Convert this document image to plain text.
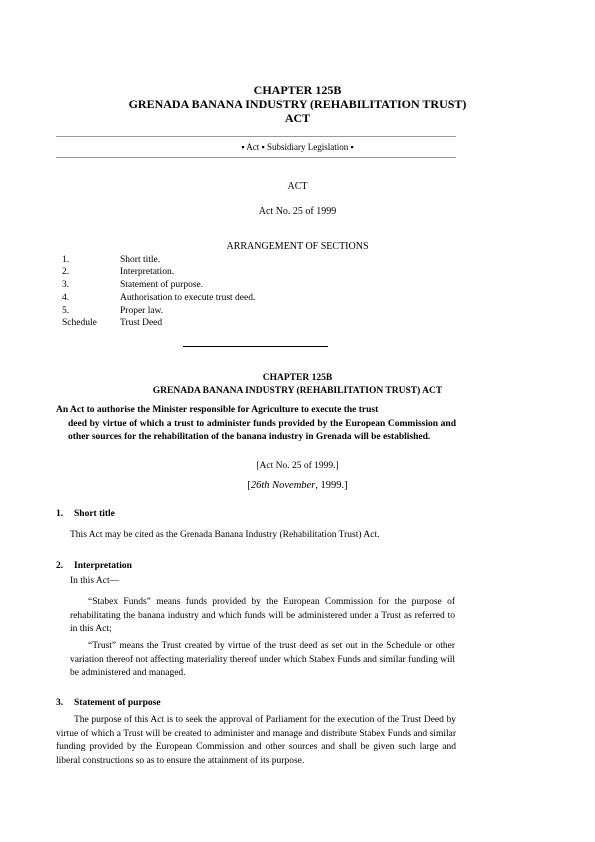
CHAPTER 125B
GRENADA BANANA INDUSTRY (REHABILITATION TRUST)
ACT
▪ Act ▪ Subsidiary Legislation ▪
ACT
Act No. 25 of 1999
ARRANGEMENT OF SECTIONS
1.	Short title.
2.	Interpretation.
3.	Statement of purpose.
4.	Authorisation to execute trust deed.
5.	Proper law.
Schedule	Trust Deed
CHAPTER 125B
GRENADA BANANA INDUSTRY (REHABILITATION TRUST) ACT
An Act to authorise the Minister responsible for Agriculture to execute the trust
deed by virtue of which a trust to administer funds provided by the European Commission and other sources for the rehabilitation of the banana industry in Grenada will be established.
[Act No. 25 of 1999.]
[26th November, 1999.]
1. Short title
This Act may be cited as the Grenada Banana Industry (Rehabilitation Trust) Act.
2. Interpretation
In this Act—

“Stabex Funds” means funds provided by the European Commission for the purpose of rehabilitating the banana industry and which funds will be administered under a Trust as referred to in this Act;

“Trust” means the Trust created by virtue of the trust deed as set out in the Schedule or other variation thereof not affecting materiality thereof under which Stabex Funds and similar funding will be administered and managed.

3. Statement of purpose

The purpose of this Act is to seek the approval of Parliament for the execution of the Trust Deed by virtue of which a Trust will be created to administer and manage and distribute Stabex Funds and similar funding provided by the European Commission and other sources and shall be given such large and liberal constructions so as to ensure the attainment of its purpose.
